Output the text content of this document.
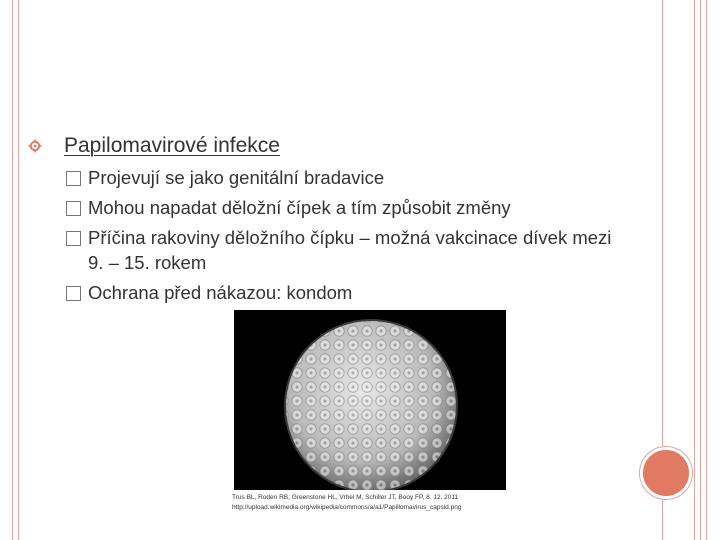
Papilomavirové infekce
Projevují se jako genitální bradavice
Mohou napadat děložní čípek a tím způsobit změny
Příčina rakoviny děložního čípku – možná vakcinace dívek mezi 9. – 15. rokem
Ochrana před nákazou: kondom
Trus BL, Roden RB, Greenstone HL, Vrhel M, Schiller JT, Booy FP, 8. 12. 2011
http://upload.wikimedia.org/wikipedia/commons/a/a1/Papillomavirus_capsid.png
